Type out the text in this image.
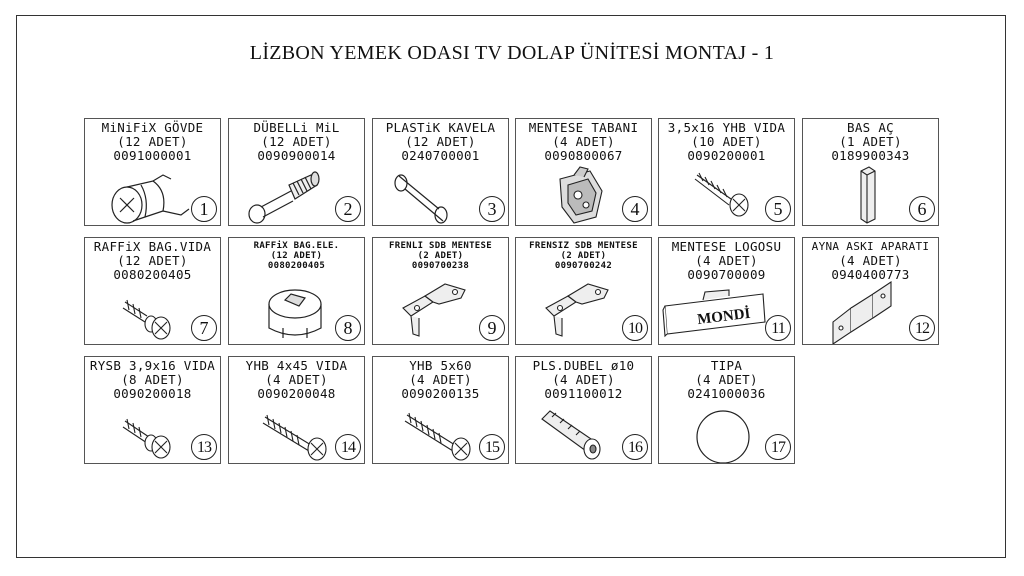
LİZBON YEMEK ODASI TV DOLAP ÜNİTESİ MONTAJ - 1
MiNiFiX GÖVDE
(12 ADET)
0091000001
1
DÜBELLi MiL
(12 ADET)
0090900014
2
PLASTiK KAVELA
(12 ADET)
0240700001
3
MENTESE TABANI
(4 ADET)
0090800067
4
3,5x16 YHB VIDA
(10 ADET)
0090200001
5
BAS AÇ
(1 ADET)
0189900343
6
RAFFiX BAG.VIDA
(12 ADET)
0080200405
7
RAFFiX BAG.ELE.
(12 ADET)
0080200405
8
FRENLI SDB MENTESE
(2 ADET)
0090700238
9
FRENSIZ SDB MENTESE
(2 ADET)
0090700242
10
MENTESE LOGOSU
(4 ADET)
0090700009
MONDİ
11
AYNA ASKI APARATI
(4 ADET)
0940400773
12
RYSB 3,9x16 VIDA
(8 ADET)
0090200018
13
YHB 4x45 VIDA
(4 ADET)
0090200048
14
YHB 5x60
(4 ADET)
0090200135
15
PLS.DUBEL ø10
(4 ADET)
0091100012
16
TIPA
(4 ADET)
0241000036
17
